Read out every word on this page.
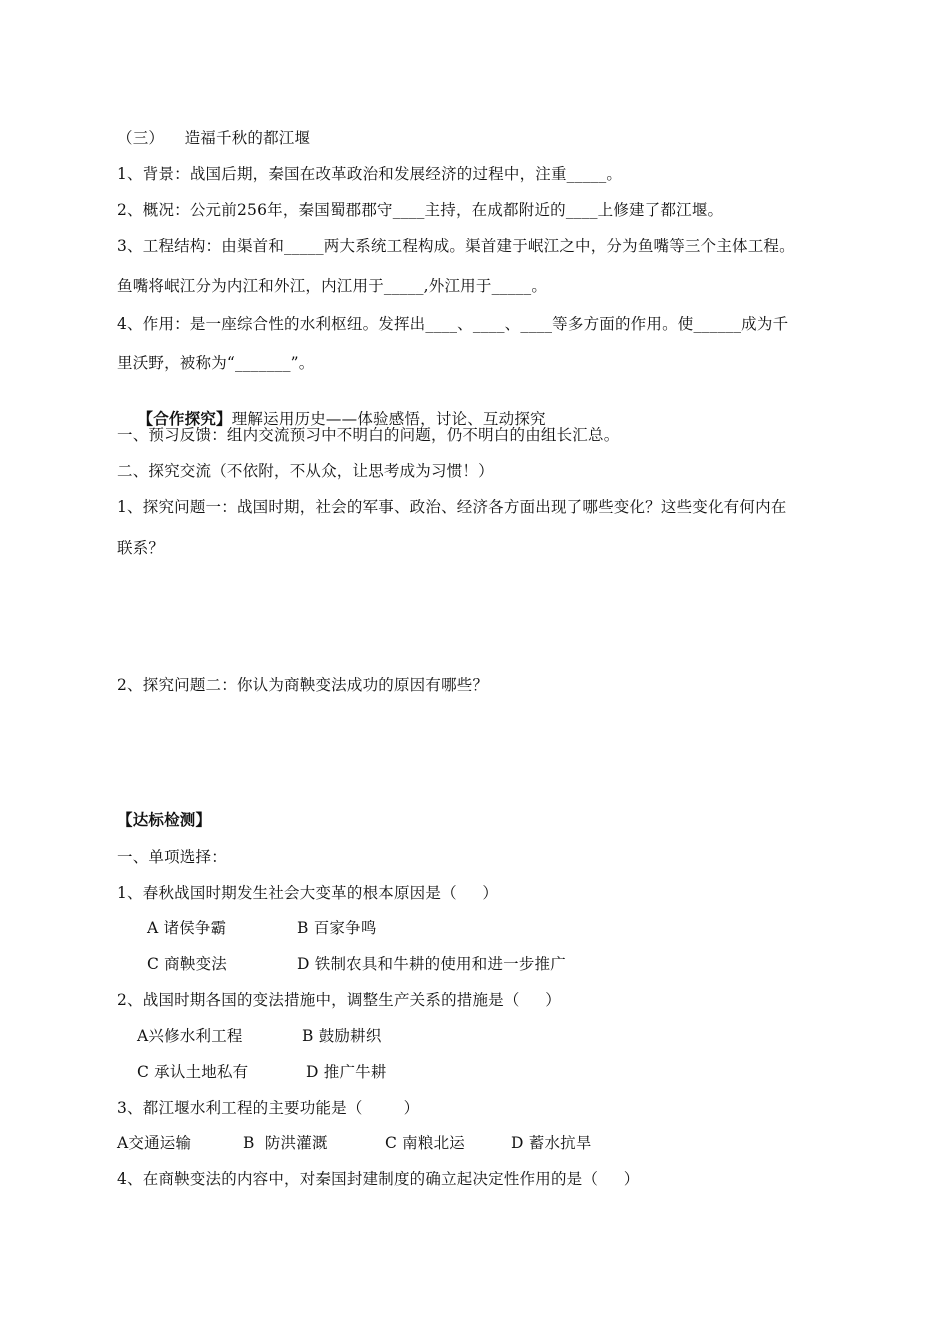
（三）    造福千秋的都江堰
1、背景：战国后期，秦国在改革政治和发展经济的过程中，注重_____。
2、概况：公元前256年，秦国蜀郡郡守____主持，在成都附近的____上修建了都江堰。
3、工程结构：由渠首和_____两大系统工程构成。渠首建于岷江之中，分为鱼嘴等三个主体工程。
鱼嘴将岷江分为内江和外江，内江用于_____,外江用于_____。
4、作用：是一座综合性的水利枢纽。发挥出____、____、____等多方面的作用。使______成为千
里沃野，被称为“_______”。

【合作探究】理解运用历史——体验感悟，讨论、互动探究

一、预习反馈：组内交流预习中不明白的问题，仍不明白的由组长汇总。
二、探究交流（不依附，不从众，让思考成为习惯！）
1、探究问题一：战国时期，社会的军事、政治、经济各方面出现了哪些变化？这些变化有何内在
联系？
2、探究问题二：你认为商鞅变法成功的原因有哪些？
【达标检测】
一、单项选择：
1、春秋战国时期发生社会大变革的根本原因是（     ）
A 诸侯争霸	B 百家争鸣
C 商鞅变法	D 铁制农具和牛耕的使用和进一步推广
2、战国时期各国的变法措施中，调整生产关系的措施是（     ）
A兴修水利工程	B 鼓励耕织
C 承认土地私有	D 推广牛耕
3、都江堰水利工程的主要功能是（        ）
A交通运输	B  防洪灌溉	C 南粮北运	D 蓄水抗旱
4、在商鞅变法的内容中，对秦国封建制度的确立起决定性作用的是（     ）
